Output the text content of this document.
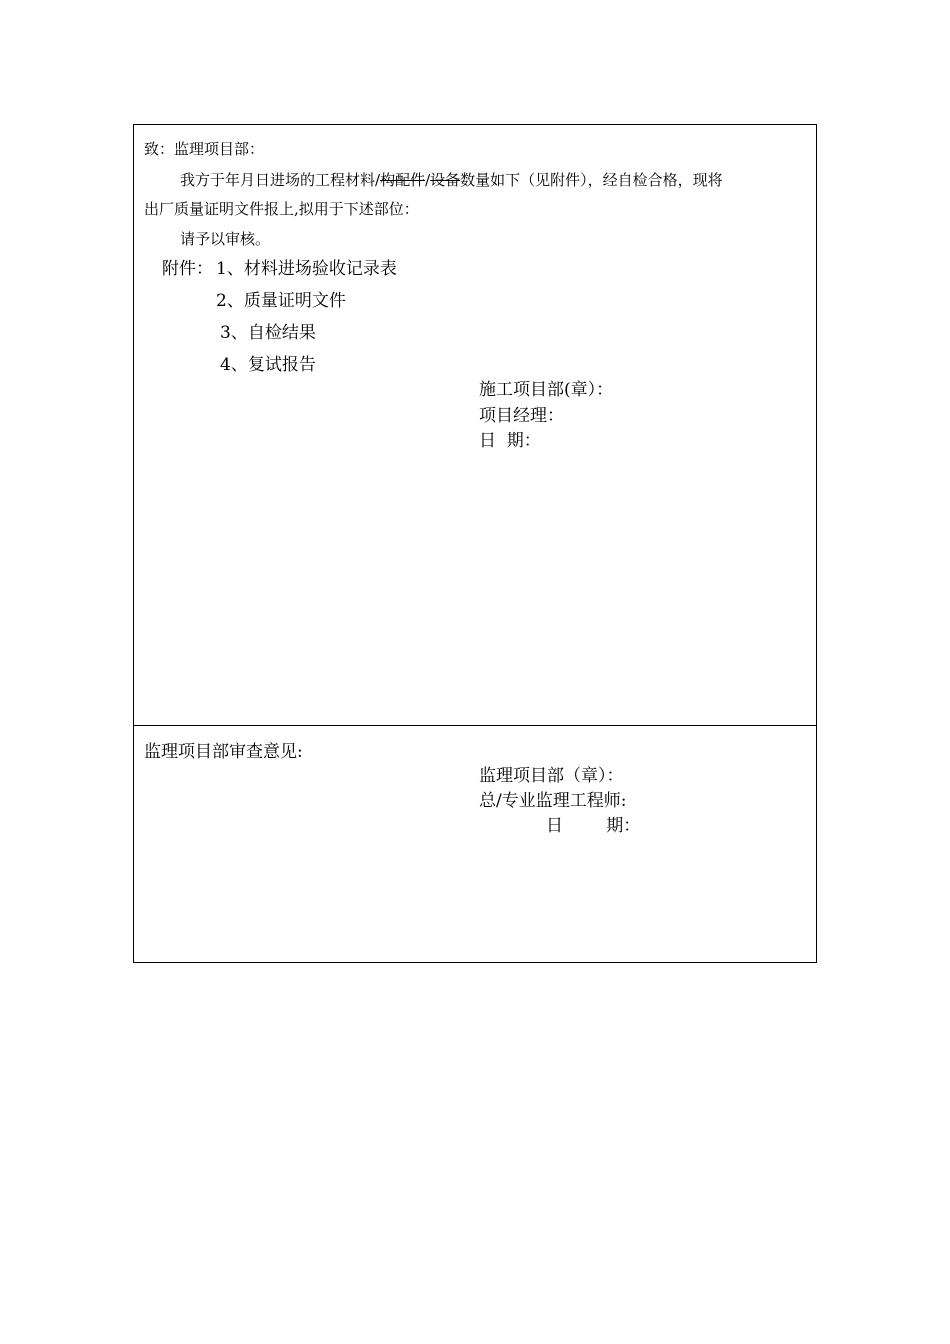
致：监理项目部：
我方于年月日进场的工程材料/构配件/设备数量如下（见附件），经自检合格，现将
出厂质量证明文件报上,拟用于下述部位：
请予以审核。
附件： 1、材料进场验收记录表
2、质量证明文件
3、自检结果
4、复试报告
施工项目部(章）：
项目经理：
日  期：
监理项目部审查意见:
监理项目部（章）：
总/专业监理工程师:
日        期：
